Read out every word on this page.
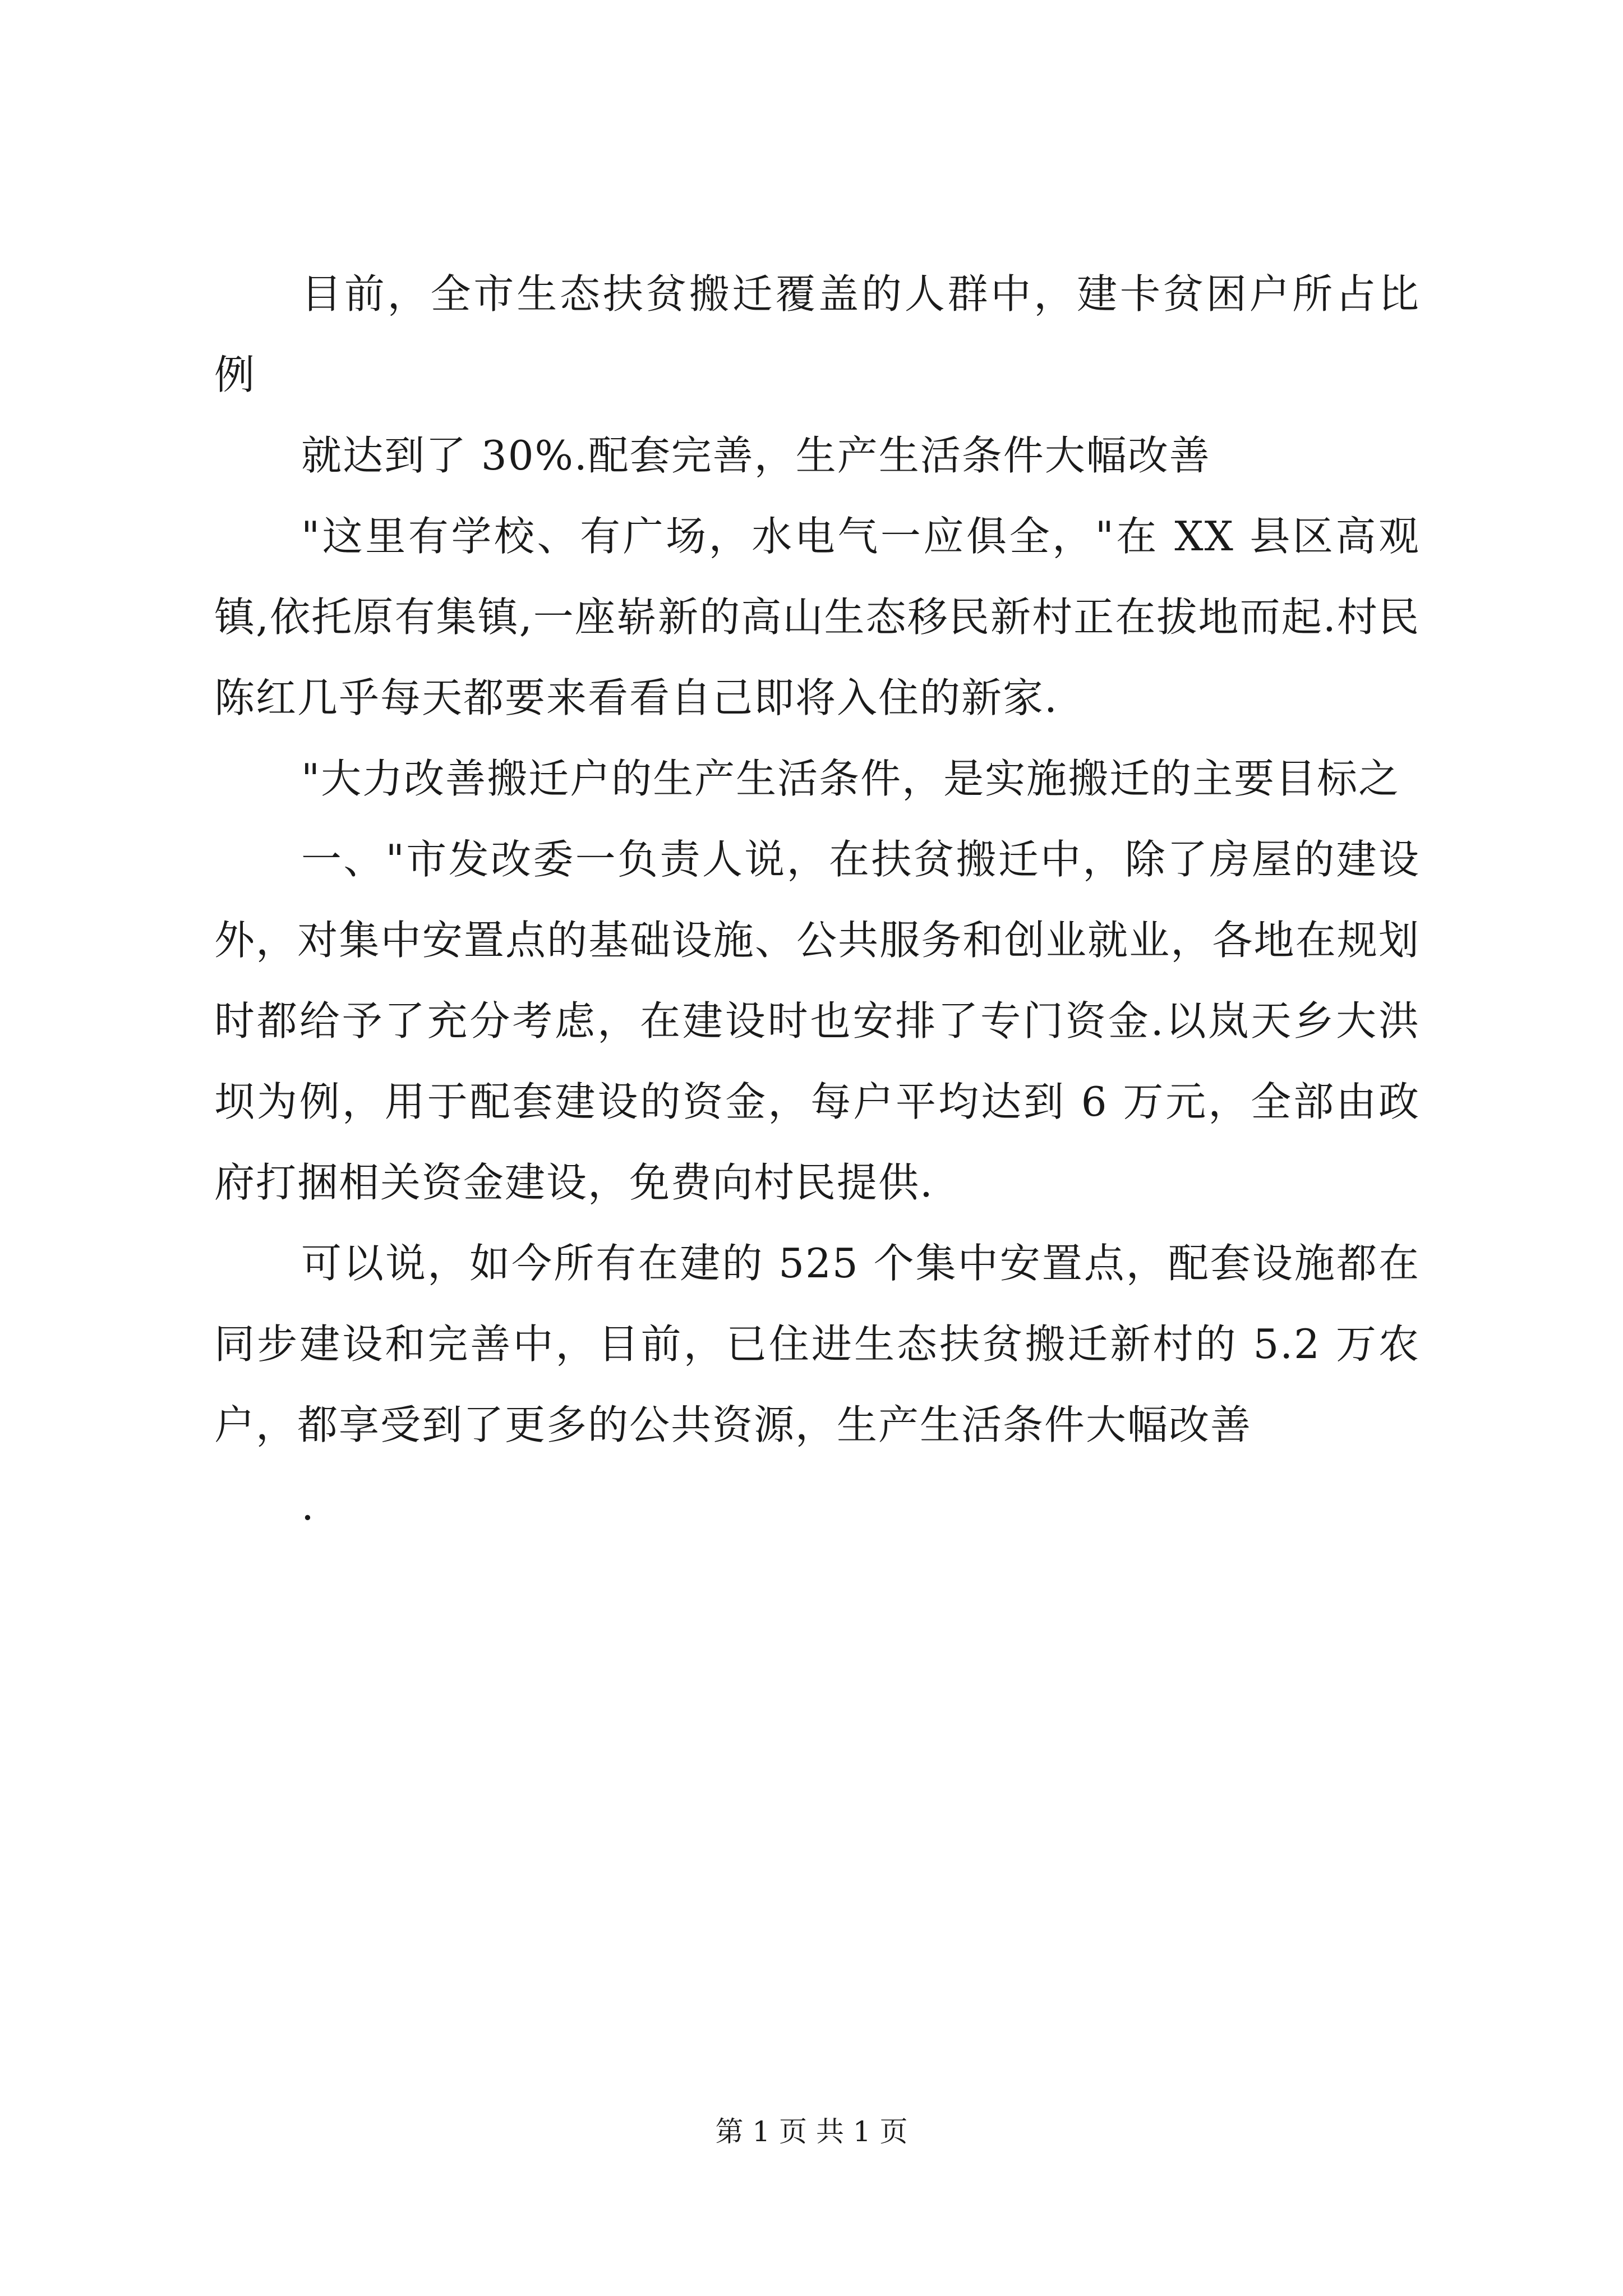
目前，全市生态扶贫搬迁覆盖的人群中，建卡贫困户所占比例

就达到了 30%.配套完善，生产生活条件大幅改善

"这里有学校、有广场，水电气一应俱全，"在 XX 县区高观镇,依托原有集镇,一座崭新的高山生态移民新村正在拔地而起.村民陈红几乎每天都要来看看自己即将入住的新家.

"大力改善搬迁户的生产生活条件，是实施搬迁的主要目标之

一、"市发改委一负责人说，在扶贫搬迁中，除了房屋的建设外，对集中安置点的基础设施、公共服务和创业就业，各地在规划时都给予了充分考虑，在建设时也安排了专门资金.以岚天乡大洪坝为例，用于配套建设的资金，每户平均达到 6 万元，全部由政府打捆相关资金建设，免费向村民提供.

可以说，如今所有在建的 525 个集中安置点，配套设施都在同步建设和完善中，目前，已住进生态扶贫搬迁新村的 5.2 万农户，都享受到了更多的公共资源，生产生活条件大幅改善

.

第 1 页 共 1 页
